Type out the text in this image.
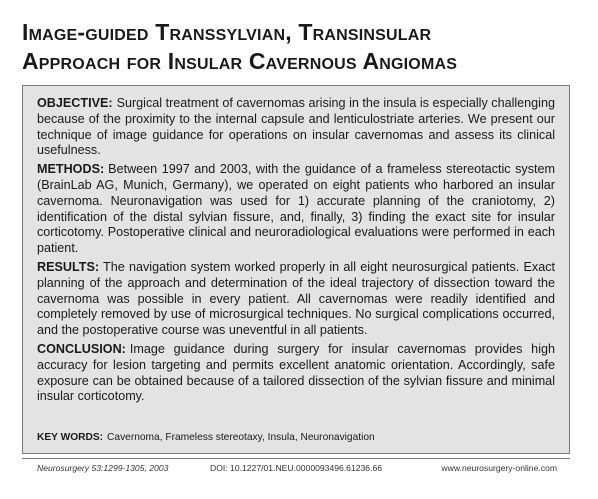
Image-guided Transsylvian, Transinsular
Approach for Insular Cavernous Angiomas

OBJECTIVE: Surgical treatment of cavernomas arising in the insula is especially challenging because of the proximity to the internal capsule and lenticulostriate arteries. We present our technique of image guidance for operations on insular cavernomas and assess its clinical usefulness.

METHODS: Between 1997 and 2003, with the guidance of a frameless stereotactic system (BrainLab AG, Munich, Germany), we operated on eight patients who harbored an insular cavernoma. Neuronavigation was used for 1) accurate planning of the craniotomy, 2) identification of the distal sylvian fissure, and, finally, 3) finding the exact site for insular corticotomy. Postoperative clinical and neuroradiological evaluations were performed in each patient.

RESULTS: The navigation system worked properly in all eight neurosurgical patients. Exact planning of the approach and determination of the ideal trajectory of dissection toward the cavernoma was possible in every patient. All cavernomas were readily identified and completely removed by use of microsurgical techniques. No surgical complications occurred, and the postoperative course was uneventful in all patients.

CONCLUSION: Image guidance during surgery for insular cavernomas provides high accuracy for lesion targeting and permits excellent anatomic orientation. Accordingly, safe exposure can be obtained because of a tailored dissection of the sylvian fissure and minimal insular corticotomy.

KEY WORDS: Cavernoma, Frameless stereotaxy, Insula, Neuronavigation
Neurosurgery 53:1299-1305, 2003	DOI: 10.1227/01.NEU.0000093496.61236.66	www.neurosurgery-online.com
